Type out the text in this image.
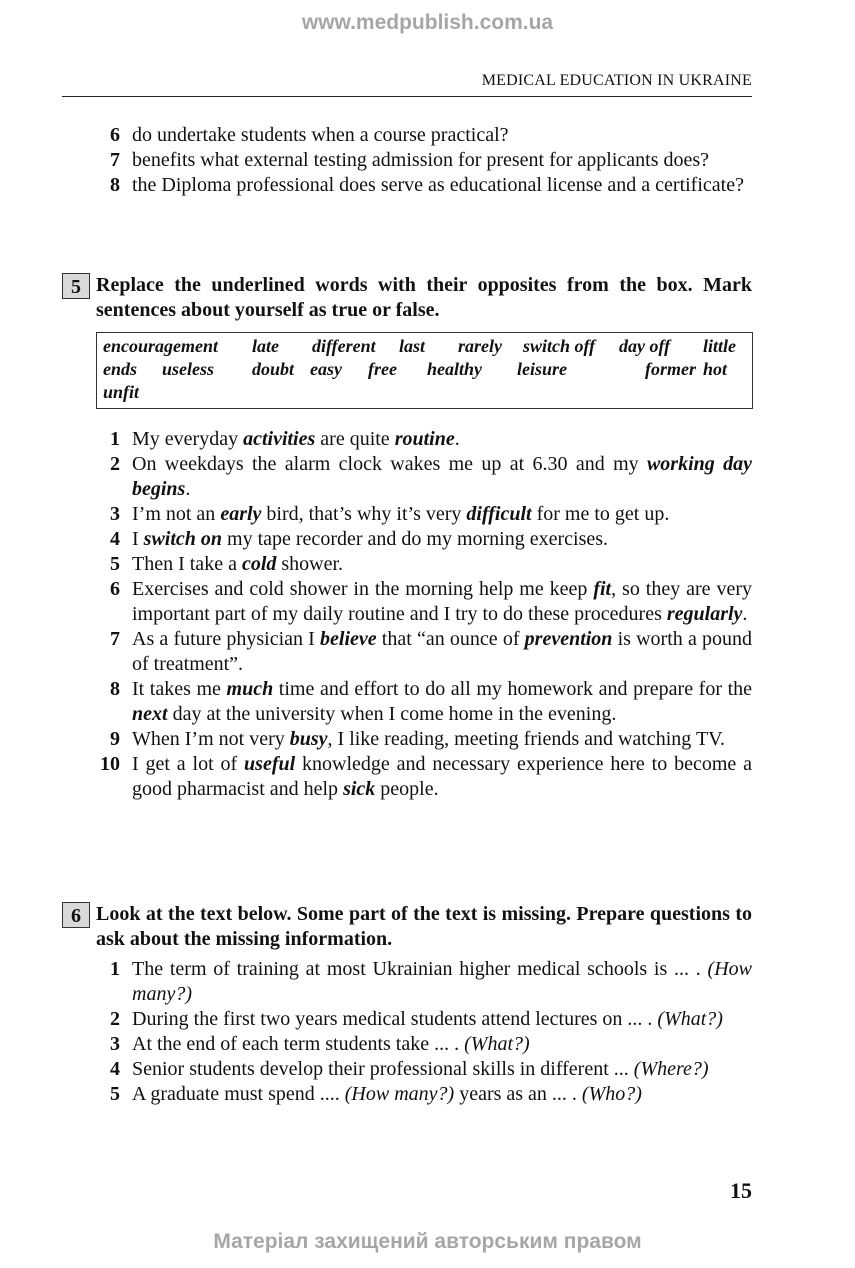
www.medpublish.com.ua
MEDICAL EDUCATION IN UKRAINE
6 do undertake students when a course practical?
7 benefits what external testing admission for present for applicants does?
8 the Diploma professional does serve as educational license and a certificate?
5 Replace the underlined words with their opposites from the box. Mark sentences about yourself as true or false.
encouragement late different last rarely switch off day off little
ends useless doubt easy free healthy leisure	former hot
unfit
1 My everyday activities are quite routine.
2 On weekdays the alarm clock wakes me up at 6.30 and my working day begins.
3 I’m not an early bird, that’s why it’s very difficult for me to get up.
4 I switch on my tape recorder and do my morning exercises.
5 Then I take a cold shower.
6 Exercises and cold shower in the morning help me keep fit, so they are very important part of my daily routine and I try to do these procedures regularly.
7 As a future physician I believe that “an ounce of prevention is worth a pound of treatment”.
8 It takes me much time and effort to do all my homework and prepare for the next day at the university when I come home in the evening.
9 When I’m not very busy, I like reading, meeting friends and watching TV.
10 I get a lot of useful knowledge and necessary experience here to become a good pharmacist and help sick people.
6 Look at the text below. Some part of the text is missing. Prepare questions to ask about the missing information.
1 The term of training at most Ukrainian higher medical schools is ... . (How many?)
2 During the first two years medical students attend lectures on ... . (What?)
3 At the end of each term students take ... . (What?)
4 Senior students develop their professional skills in different ... (Where?)
5 A graduate must spend .... (How many?) years as an ... . (Who?)
15
Матеріал захищений авторським правом
